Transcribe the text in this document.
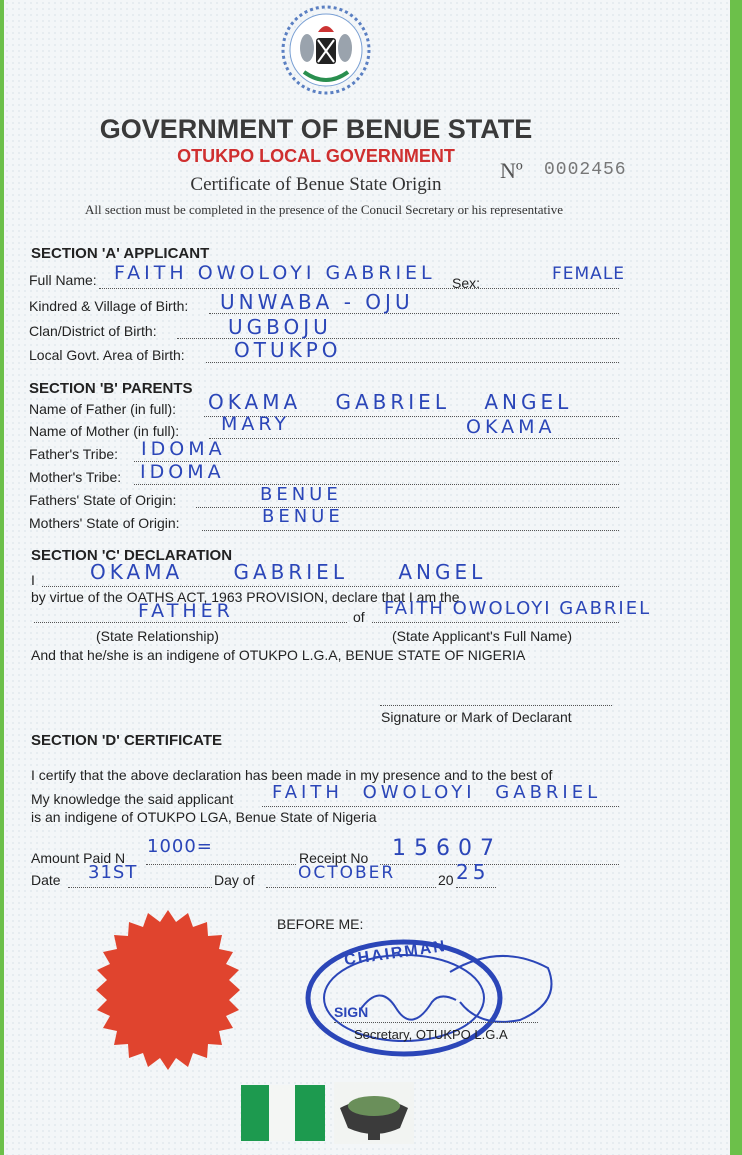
GOVERNMENT OF BENUE STATE
OTUKPO LOCAL GOVERNMENT
Certificate of Benue State Origin
All section must be completed in the presence of the Conucil Secretary or his representative
Nº 0002456
SECTION 'A' APPLICANT
Full Name: FAITH OWOLOYI GABRIEL Sex:	FEMALE
Kindred & Village of Birth: UNWABA - OJU
Clan/District of Birth:	UGBOJU
Local Govt. Area of Birth: OTUKPO
SECTION 'B' PARENTS
Name of Father (in full): OKAMA GABRIEL ANGEL
Name of Mother (in full): MARY	OKAMA
Father's Tribe: IDOMA
Mother's Tribe: IDOMA
Fathers' State of Origin:	BENUE
Mothers' State of Origin:	BENUE
SECTION 'C' DECLARATION
I	OKAMA GABRIEL ANGEL
by virtue of the OATHS ACT, 1963 PROVISION, declare that I am the
FATHER	of FAITH OWOLOYI GABRIEL
(State Relationship)	(State Applicant's Full Name)
And that he/she is an indigene of OTUKPO L.G.A, BENUE STATE OF NIGERIA
Signature or Mark of Declarant
SECTION 'D' CERTIFICATE
I certify that the above declaration has been made in my presence and to the best of
My knowledge the said applicant FAITH OWOLOYI GABRIEL
is an indigene of OTUKPO LGA, Benue State of Nigeria
Amount Paid N
1000=
Receipt No 15607
Date 31ST	Day of	OCTOBER	20 25
BEFORE ME:
CHAIRMAN
SIGN
Secretary, OTUKPO L.G.A
